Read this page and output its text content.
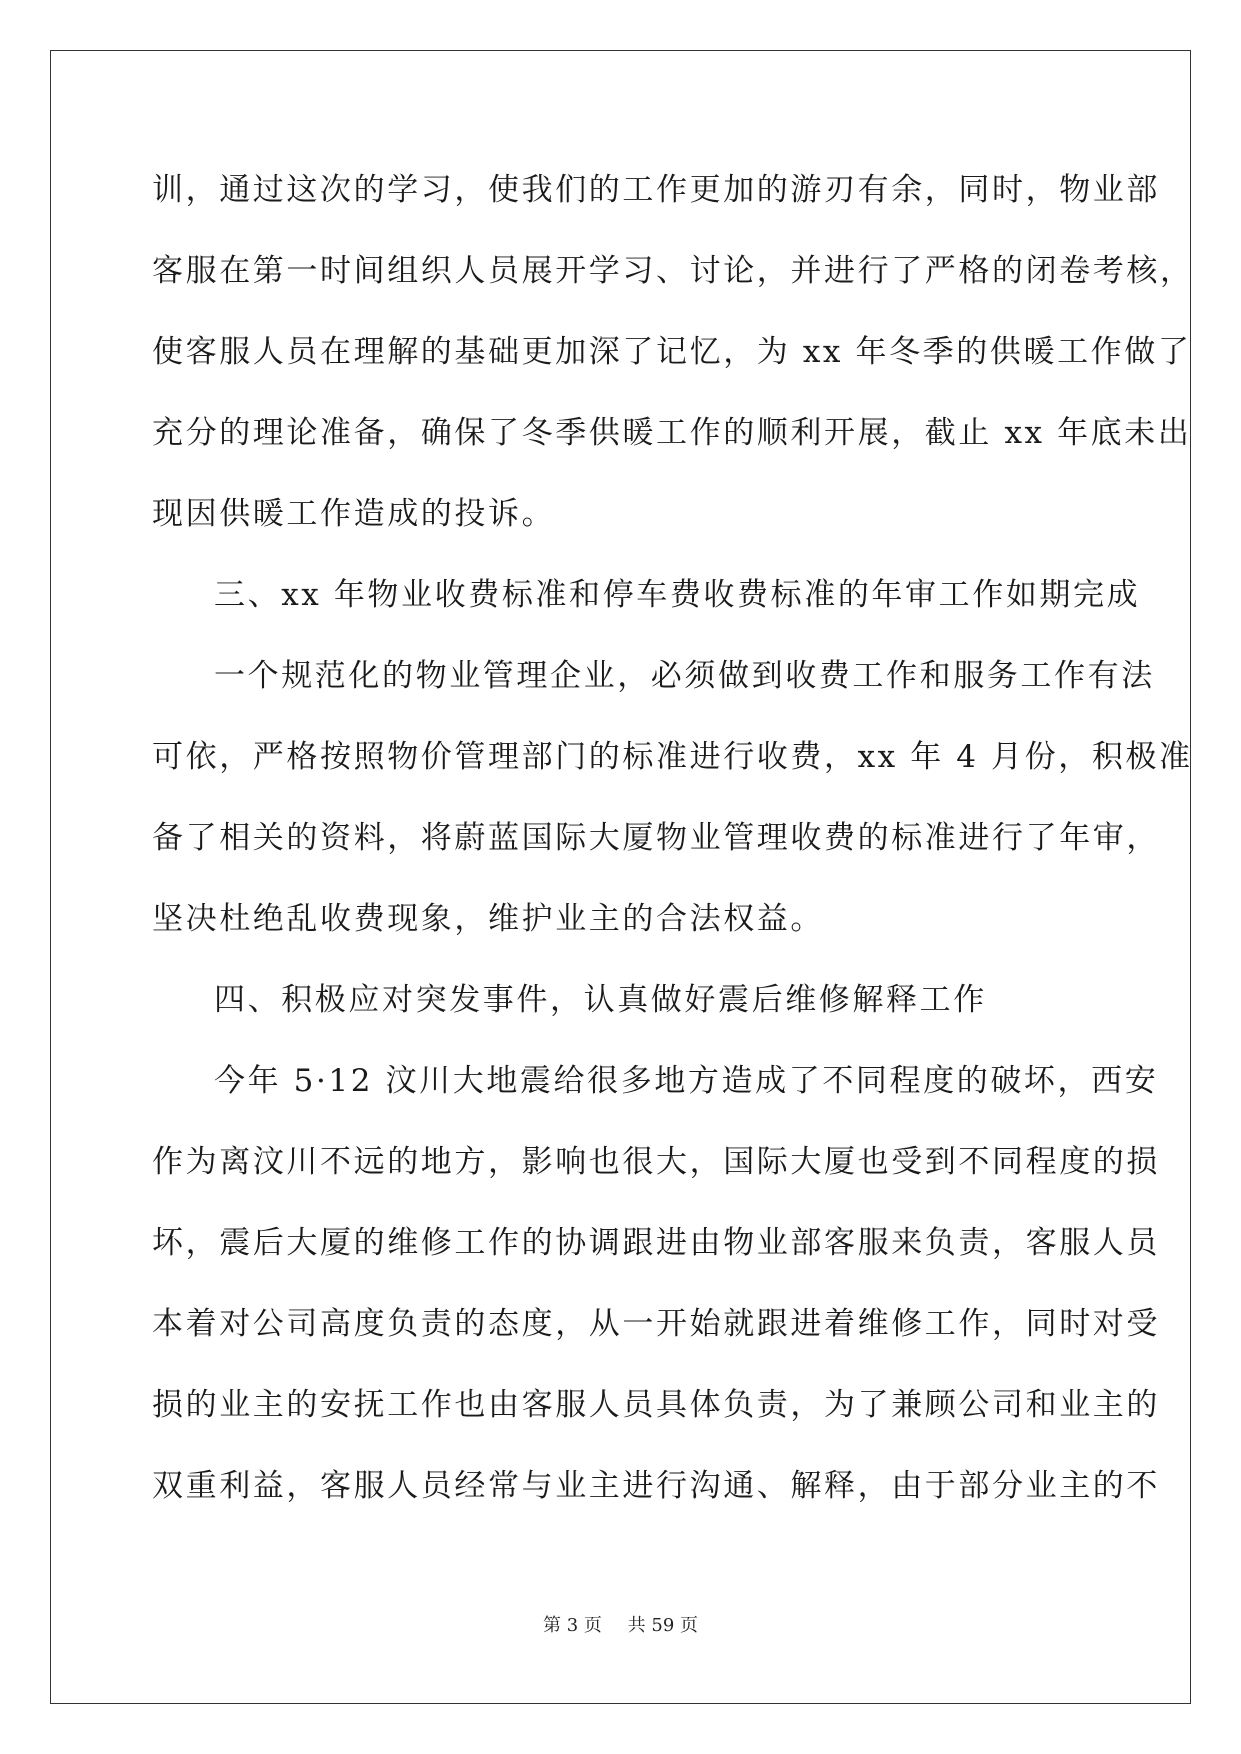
训，通过这次的学习，使我们的工作更加的游刃有余，同时，物业部

客服在第一时间组织人员展开学习、讨论，并进行了严格的闭卷考核，

使客服人员在理解的基础更加深了记忆，为 xx 年冬季的供暖工作做了

充分的理论准备，确保了冬季供暖工作的顺利开展，截止 xx 年底未出

现因供暖工作造成的投诉。

三、xx 年物业收费标准和停车费收费标准的年审工作如期完成

一个规范化的物业管理企业，必须做到收费工作和服务工作有法

可依，严格按照物价管理部门的标准进行收费，xx 年 4 月份，积极准

备了相关的资料，将蔚蓝国际大厦物业管理收费的标准进行了年审，

坚决杜绝乱收费现象，维护业主的合法权益。

四、积极应对突发事件，认真做好震后维修解释工作

今年 5·12 汶川大地震给很多地方造成了不同程度的破坏，西安

作为离汶川不远的地方，影响也很大，国际大厦也受到不同程度的损

坏，震后大厦的维修工作的协调跟进由物业部客服来负责，客服人员

本着对公司高度负责的态度，从一开始就跟进着维修工作，同时对受

损的业主的安抚工作也由客服人员具体负责，为了兼顾公司和业主的

双重利益，客服人员经常与业主进行沟通、解释，由于部分业主的不

第 3 页 共 59 页
